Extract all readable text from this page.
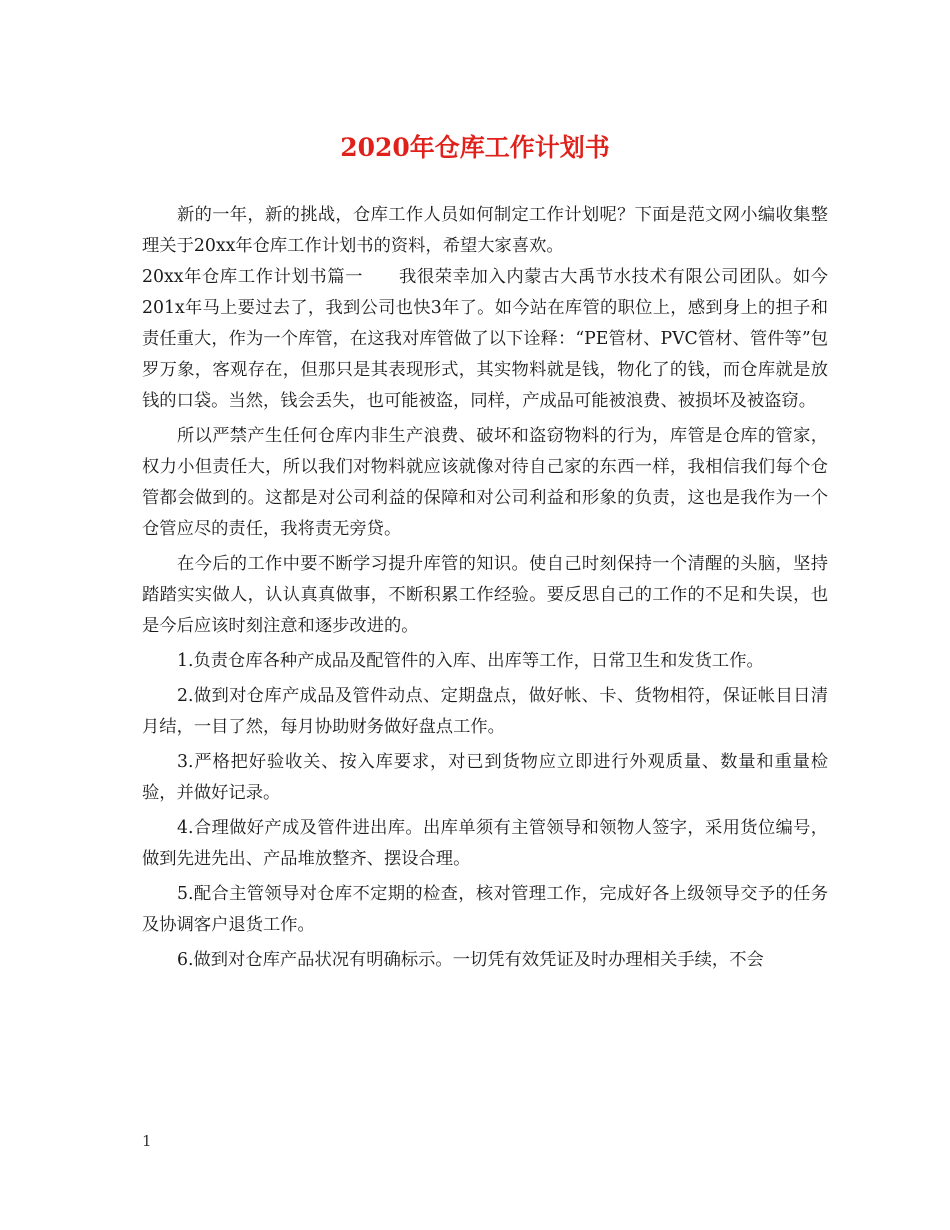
2020年仓库工作计划书

新的一年，新的挑战，仓库工作人员如何制定工作计划呢？下面是范文网小编收集整理关于20xx年仓库工作计划书的资料，希望大家喜欢。

20xx年仓库工作计划书篇一　　我很荣幸加入内蒙古大禹节水技术有限公司团队。如今201x年马上要过去了，我到公司也快3年了。如今站在库管的职位上，感到身上的担子和责任重大，作为一个库管，在这我对库管做了以下诠释：“PE管材、PVC管材、管件等”包罗万象，客观存在，但那只是其表现形式，其实物料就是钱，物化了的钱，而仓库就是放钱的口袋。当然，钱会丢失，也可能被盗，同样，产成品可能被浪费、被损坏及被盗窃。

所以严禁产生任何仓库内非生产浪费、破坏和盗窃物料的行为，库管是仓库的管家，权力小但责任大，所以我们对物料就应该就像对待自己家的东西一样，我相信我们每个仓管都会做到的。这都是对公司利益的保障和对公司利益和形象的负责，这也是我作为一个仓管应尽的责任，我将责无旁贷。

在今后的工作中要不断学习提升库管的知识。使自己时刻保持一个清醒的头脑，坚持踏踏实实做人，认认真真做事，不断积累工作经验。要反思自己的工作的不足和失误，也是今后应该时刻注意和逐步改进的。

1.负责仓库各种产成品及配管件的入库、出库等工作，日常卫生和发货工作。

2.做到对仓库产成品及管件动点、定期盘点，做好帐、卡、货物相符，保证帐目日清月结，一目了然，每月协助财务做好盘点工作。

3.严格把好验收关、按入库要求，对已到货物应立即进行外观质量、数量和重量检验，并做好记录。

4.合理做好产成及管件进出库。出库单须有主管领导和领物人签字，采用货位编号，做到先进先出、产品堆放整齐、摆设合理。

5.配合主管领导对仓库不定期的检查，核对管理工作，完成好各上级领导交予的任务及协调客户退货工作。

6.做到对仓库产品状况有明确标示。一切凭有效凭证及时办理相关手续，不会

1
